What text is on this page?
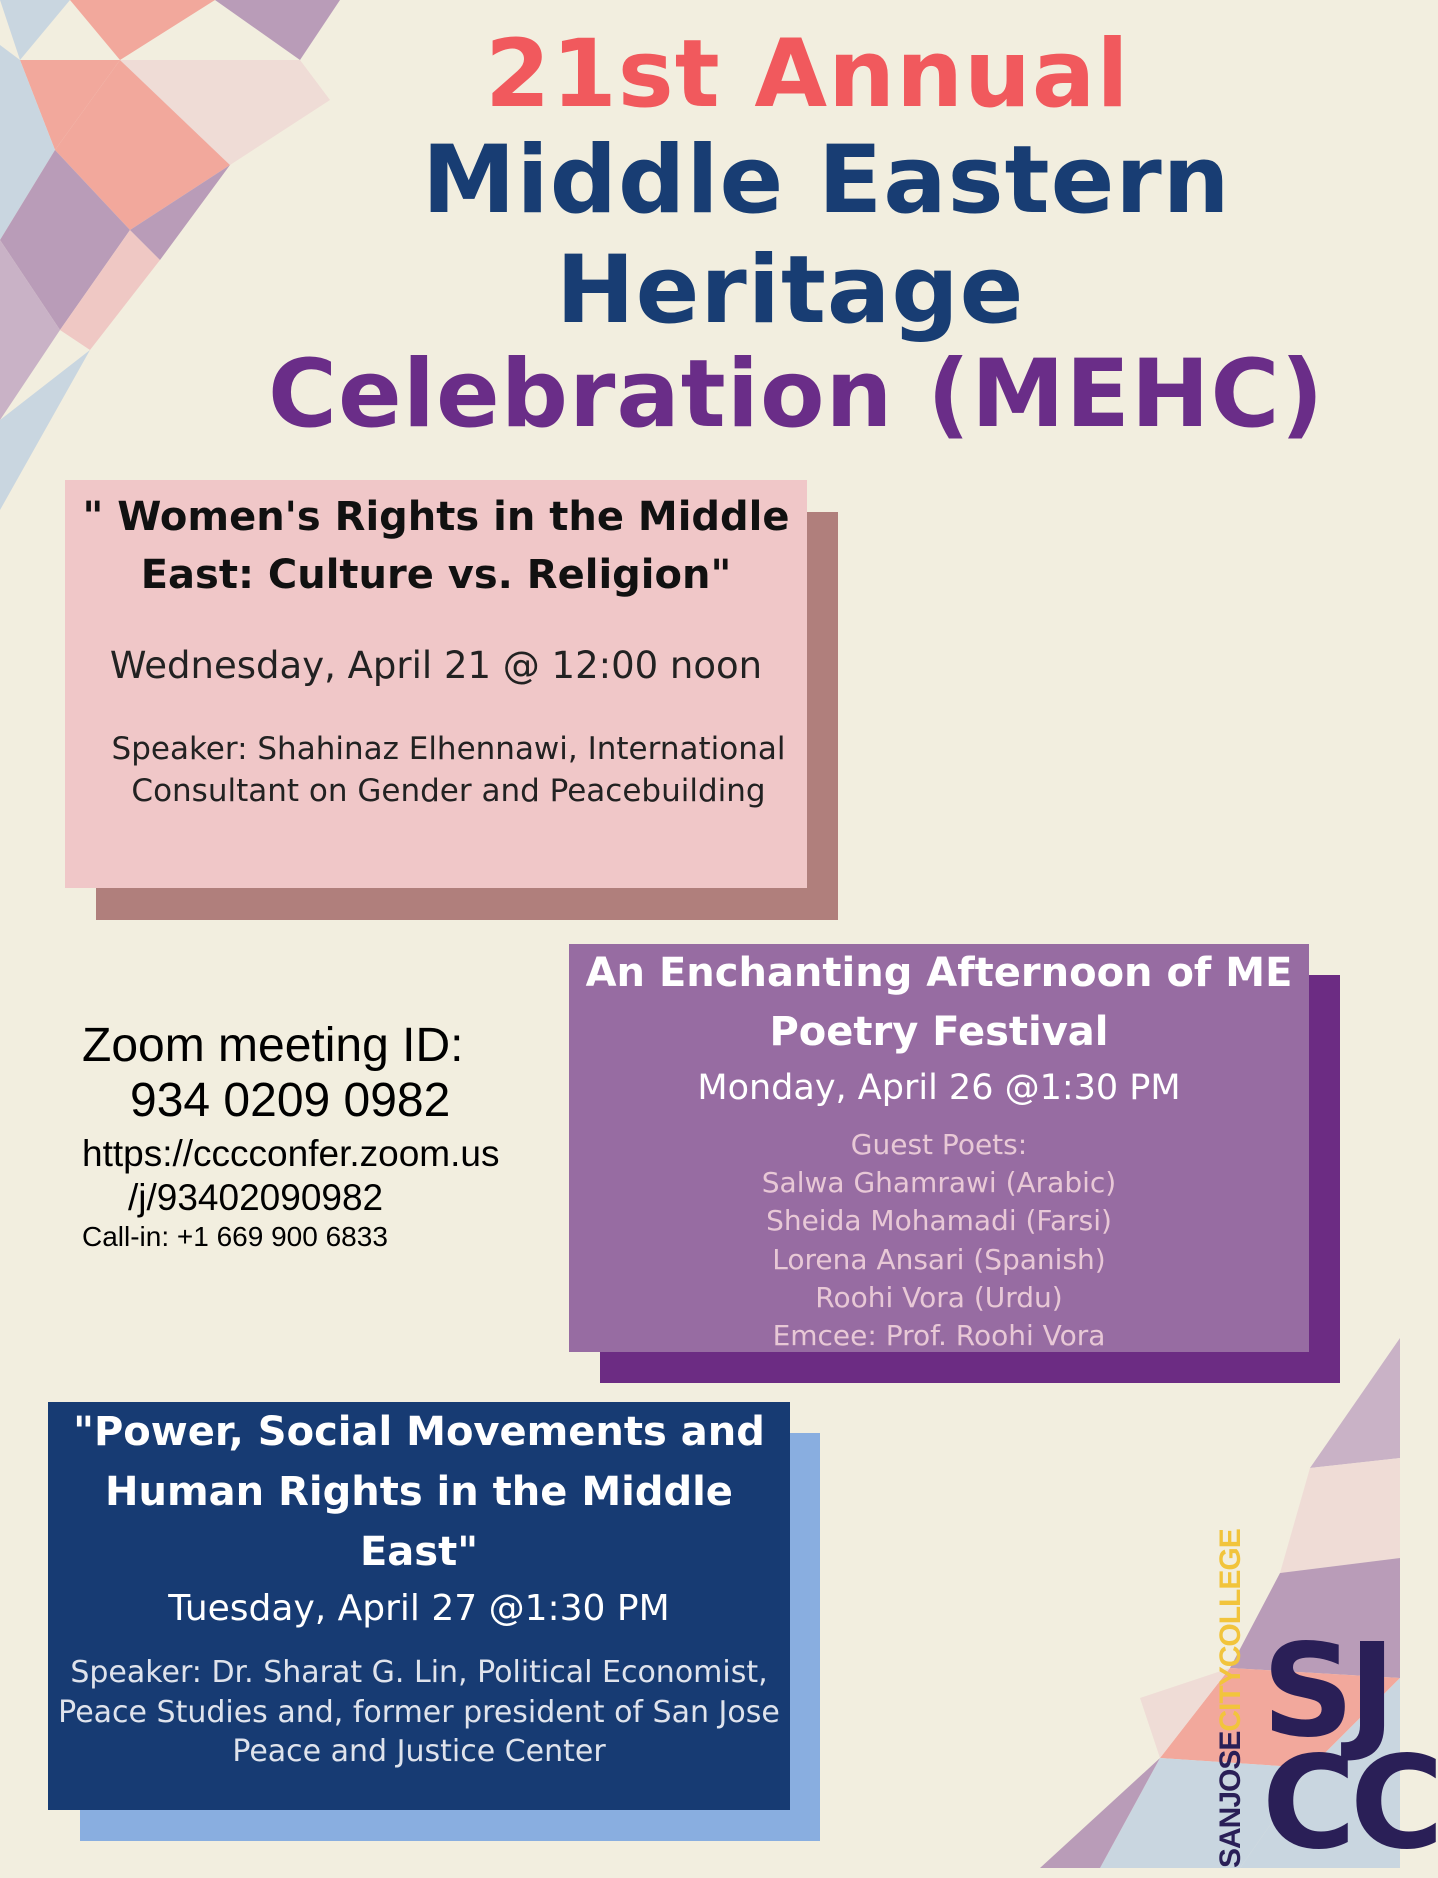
21st Annual
Middle Eastern
Heritage
Celebration (MEHC)
" Women's Rights in the Middle
East: Culture vs. Religion"
Wednesday, April 21 @ 12:00 noon
Speaker: Shahinaz Elhennawi, International
Consultant on Gender and Peacebuilding
Zoom meeting ID:
934 0209 0982
https://cccconfer.zoom.us
/j/93402090982
Call-in: +1 669 900 6833
An Enchanting Afternoon of ME
Poetry Festival
Monday, April 26 @1:30 PM
Guest Poets:
Salwa Ghamrawi (Arabic)
Sheida Mohamadi (Farsi)
Lorena Ansari (Spanish)
Roohi Vora (Urdu)
Emcee: Prof. Roohi Vora
"Power, Social Movements and
Human Rights in the Middle
East"
Tuesday, April 27 @1:30 PM
Speaker: Dr. Sharat G. Lin, Political Economist,
Peace Studies and, former president of San Jose
Peace and Justice Center	SANJOSECITYCOLLEGE SJ
CC
